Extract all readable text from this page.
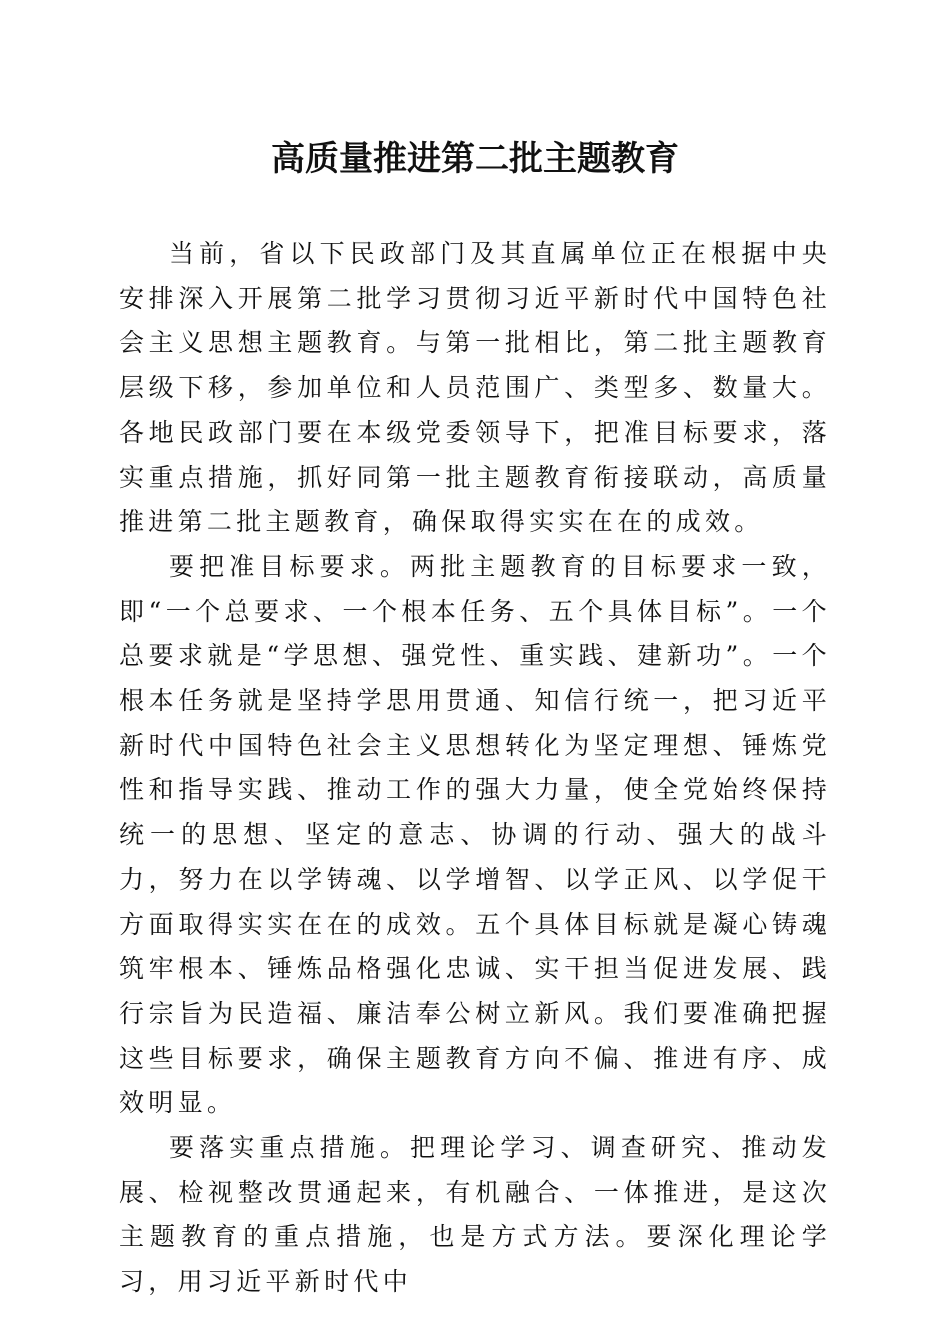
高质量推进第二批主题教育

当前，省以下民政部门及其直属单位正在根据中央安排深入开展第二批学习贯彻习近平新时代中国特色社会主义思想主题教育。与第一批相比，第二批主题教育层级下移，参加单位和人员范围广、类型多、数量大。各地民政部门要在本级党委领导下，把准目标要求，落实重点措施，抓好同第一批主题教育衔接联动，高质量推进第二批主题教育，确保取得实实在在的成效。

要把准目标要求。两批主题教育的目标要求一致，即“一个总要求、一个根本任务、五个具体目标”。一个总要求就是“学思想、强党性、重实践、建新功”。一个根本任务就是坚持学思用贯通、知信行统一，把习近平新时代中国特色社会主义思想转化为坚定理想、锤炼党性和指导实践、推动工作的强大力量，使全党始终保持统一的思想、坚定的意志、协调的行动、强大的战斗力，努力在以学铸魂、以学增智、以学正风、以学促干方面取得实实在在的成效。五个具体目标就是凝心铸魂筑牢根本、锤炼品格强化忠诚、实干担当促进发展、践行宗旨为民造福、廉洁奉公树立新风。我们要准确把握这些目标要求，确保主题教育方向不偏、推进有序、成效明显。

要落实重点措施。把理论学习、调查研究、推动发展、检视整改贯通起来，有机融合、一体推进，是这次主题教育的重点措施，也是方式方法。要深化理论学习，用习近平新时代中
